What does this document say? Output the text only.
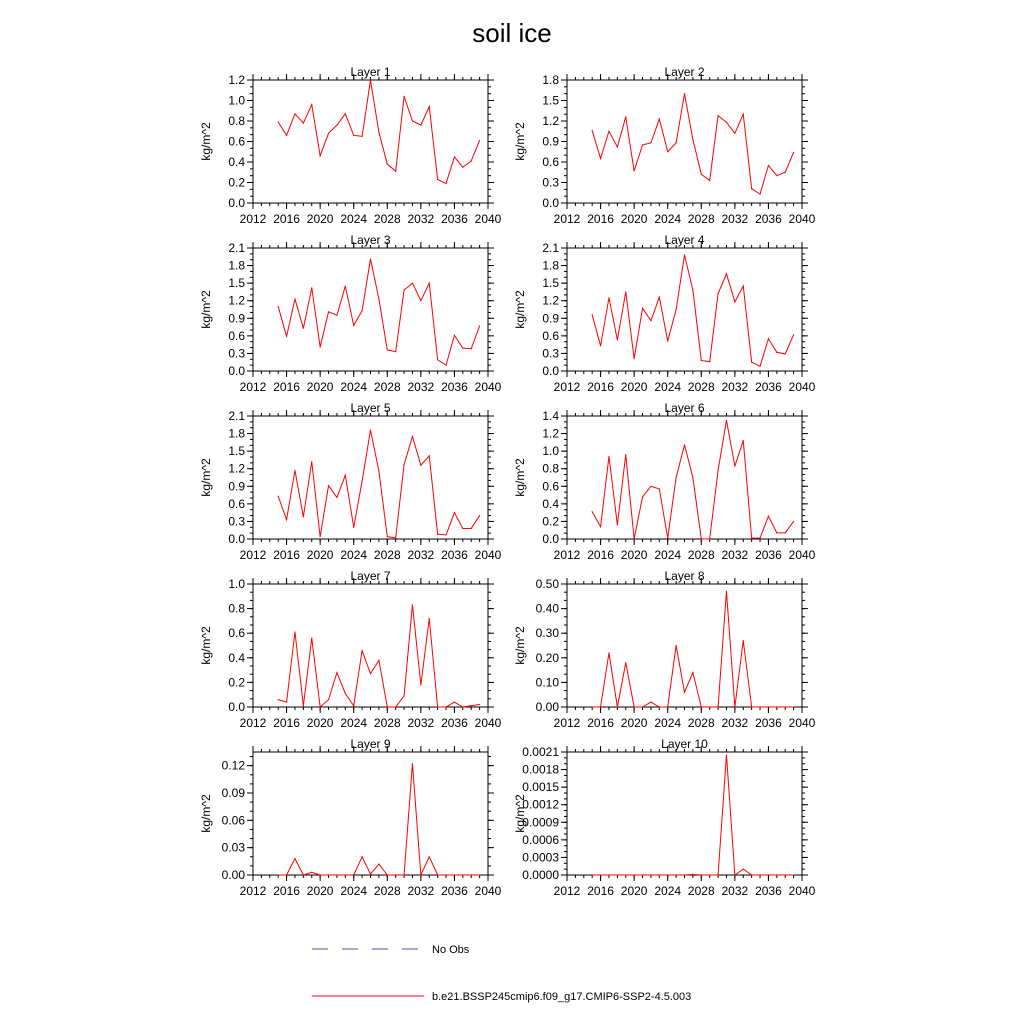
soil ice
Layer 1
0.0
0.2
0.4
0.6
0.8
1.0
1.2
2012 2016 2020 2024 2028 2032 2036 2040
kg/m^2
Layer 2
0.0
0.3
0.6
0.9
1.2
1.5
1.8
2012 2016 2020 2024 2028 2032 2036 2040
kg/m^2
Layer 3
0.0
0.3
0.6
0.9
1.2
1.5
1.8
2.1
2012 2016 2020 2024 2028 2032 2036 2040
kg/m^2
Layer 4
0.0
0.3
0.6
0.9
1.2
1.5
1.8
2.1
2012 2016 2020 2024 2028 2032 2036 2040
kg/m^2
Layer 5
0.0
0.3
0.6
0.9
1.2
1.5
1.8
2.1
2012 2016 2020 2024 2028 2032 2036 2040
kg/m^2
Layer 6
0.0
0.2
0.4
0.6
0.8
1.0
1.2
1.4
2012 2016 2020 2024 2028 2032 2036 2040
kg/m^2
Layer 7
0.0
0.2
0.4
0.6
0.8
1.0
2012 2016 2020 2024 2028 2032 2036 2040
kg/m^2
Layer 8
0.00
0.10
0.20
0.30
0.40
0.50
2012 2016 2020 2024 2028 2032 2036 2040
kg/m^2
Layer 9
0.00
0.03
0.06
0.09
0.12
2012 2016 2020 2024 2028 2032 2036 2040
kg/m^2
Layer 10
0.0000
0.0003
0.0006
0.0009
0.0012
0.0015
0.0018
0.0021
2012 2016 2020 2024 2028 2032 2036 2040
kg/m^2
No Obs
b.e21.BSSP245cmip6.f09_g17.CMIP6-SSP2-4.5.003
